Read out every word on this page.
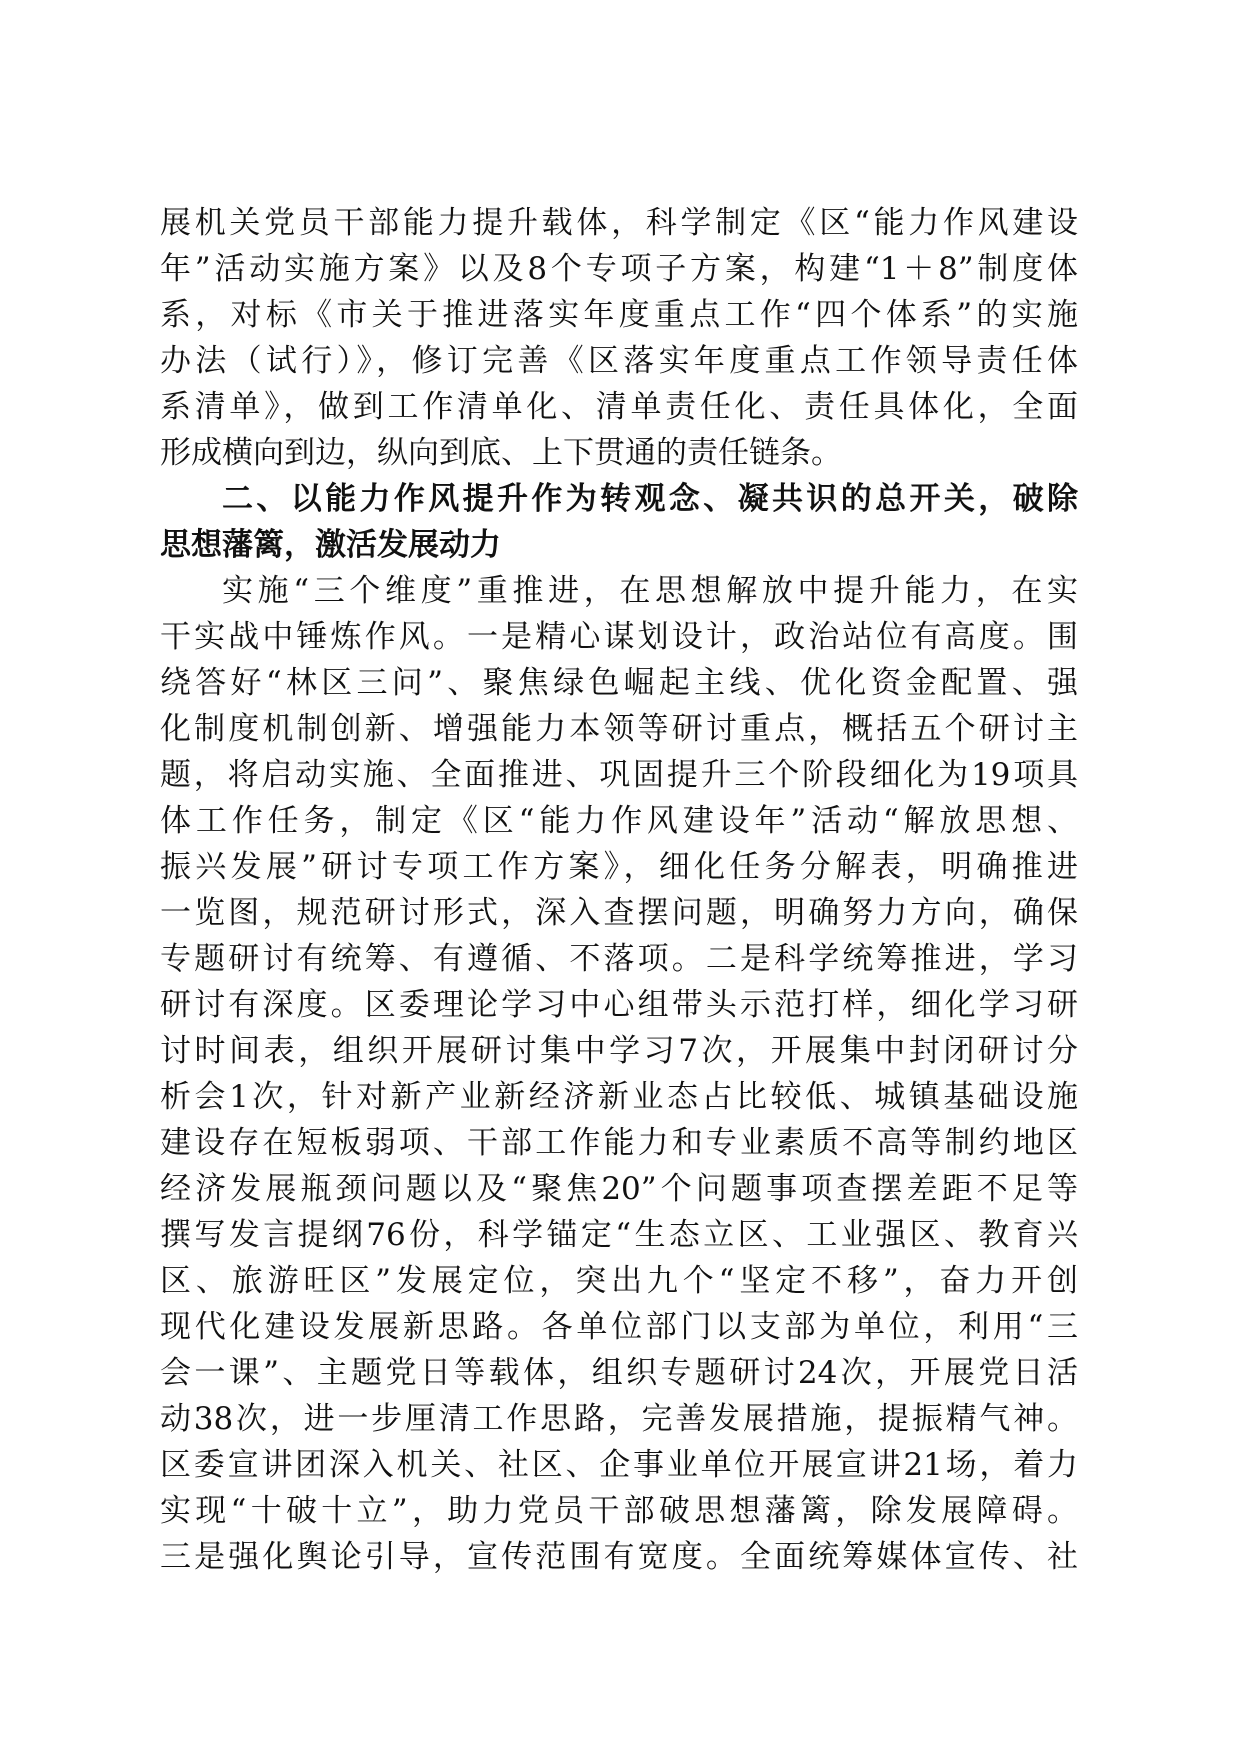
展机关党员干部能力提升载体，科学制定《区“能力作风建设
年”活动实施方案》以及8个专项子方案，构建“1＋8”制度体
系，对标《市关于推进落实年度重点工作“四个体系”的实施
办法（试行）》，修订完善《区落实年度重点工作领导责任体
系清单》，做到工作清单化、清单责任化、责任具体化，全面
形成横向到边，纵向到底、上下贯通的责任链条。
二、以能力作风提升作为转观念、凝共识的总开关，破除
思想藩篱，激活发展动力
实施“三个维度”重推进，在思想解放中提升能力，在实
干实战中锤炼作风。一是精心谋划设计，政治站位有高度。围
绕答好“林区三问”、聚焦绿色崛起主线、优化资金配置、强
化制度机制创新、增强能力本领等研讨重点，概括五个研讨主
题，将启动实施、全面推进、巩固提升三个阶段细化为19项具
体工作任务，制定《区“能力作风建设年”活动“解放思想、
振兴发展”研讨专项工作方案》，细化任务分解表，明确推进
一览图，规范研讨形式，深入查摆问题，明确努力方向，确保
专题研讨有统筹、有遵循、不落项。二是科学统筹推进，学习
研讨有深度。区委理论学习中心组带头示范打样，细化学习研
讨时间表，组织开展研讨集中学习7次，开展集中封闭研讨分
析会1次，针对新产业新经济新业态占比较低、城镇基础设施
建设存在短板弱项、干部工作能力和专业素质不高等制约地区
经济发展瓶颈问题以及“聚焦20”个问题事项查摆差距不足等
撰写发言提纲76份，科学锚定“生态立区、工业强区、教育兴
区、旅游旺区”发展定位，突出九个“坚定不移”，奋力开创
现代化建设发展新思路。各单位部门以支部为单位，利用“三
会一课”、主题党日等载体，组织专题研讨24次，开展党日活
动38次，进一步厘清工作思路，完善发展措施，提振精气神。
区委宣讲团深入机关、社区、企事业单位开展宣讲21场，着力
实现“十破十立”，助力党员干部破思想藩篱，除发展障碍。
三是强化舆论引导，宣传范围有宽度。全面统筹媒体宣传、社
